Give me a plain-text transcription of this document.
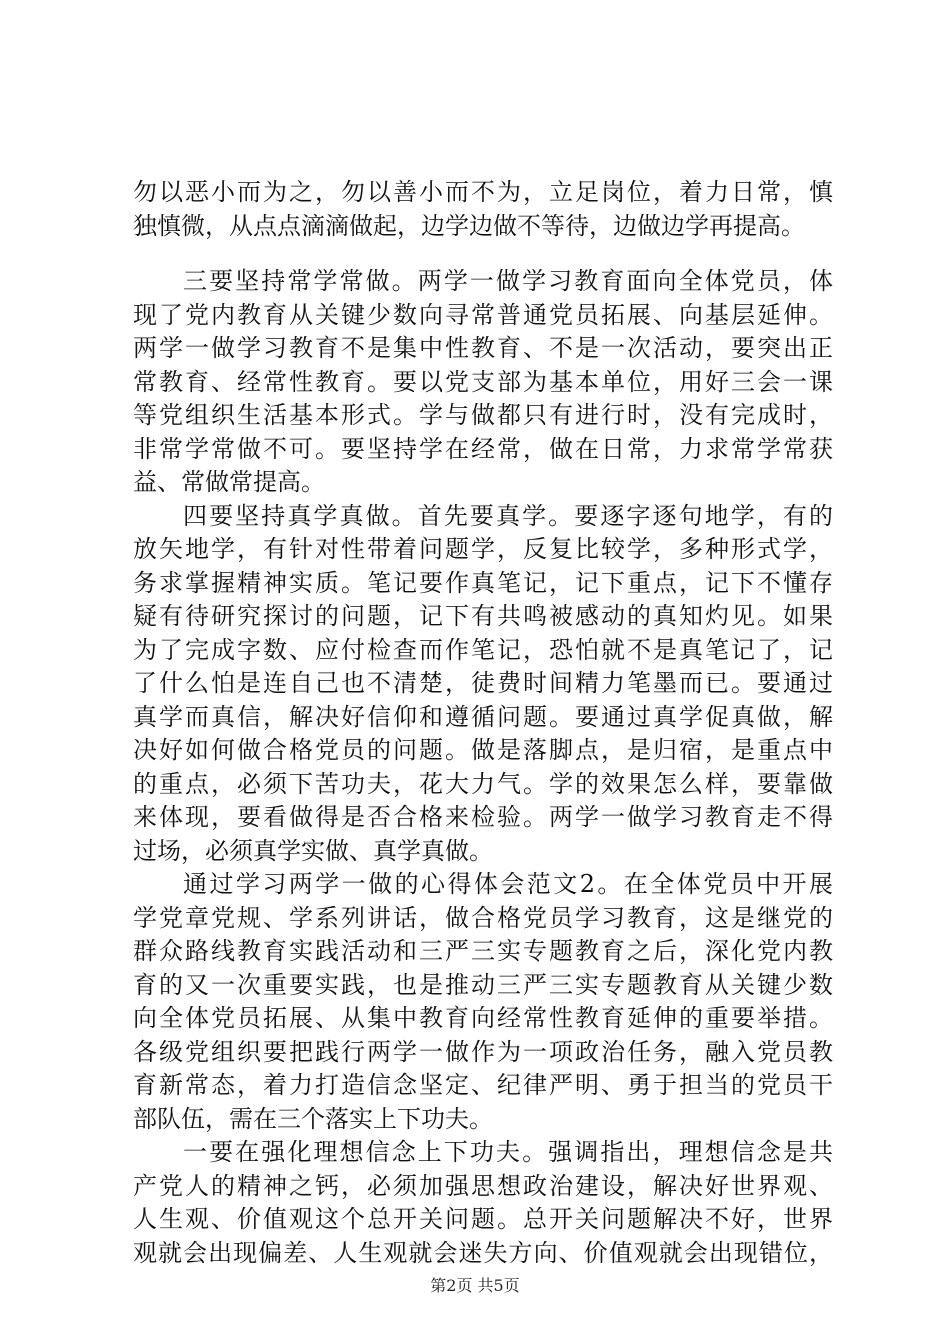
勿以恶小而为之，勿以善小而不为，立足岗位，着力日常，慎
独慎微，从点点滴滴做起，边学边做不等待，边做边学再提高。
三要坚持常学常做。两学一做学习教育面向全体党员，体
现了党内教育从关键少数向寻常普通党员拓展、向基层延伸。
两学一做学习教育不是集中性教育、不是一次活动，要突出正
常教育、经常性教育。要以党支部为基本单位，用好三会一课
等党组织生活基本形式。学与做都只有进行时，没有完成时，
非常学常做不可。要坚持学在经常，做在日常，力求常学常获
益、常做常提高。
四要坚持真学真做。首先要真学。要逐字逐句地学，有的
放矢地学，有针对性带着问题学，反复比较学，多种形式学，
务求掌握精神实质。笔记要作真笔记，记下重点，记下不懂存
疑有待研究探讨的问题，记下有共鸣被感动的真知灼见。如果
为了完成字数、应付检查而作笔记，恐怕就不是真笔记了，记
了什么怕是连自己也不清楚，徒费时间精力笔墨而已。要通过
真学而真信，解决好信仰和遵循问题。要通过真学促真做，解
决好如何做合格党员的问题。做是落脚点，是归宿，是重点中
的重点，必须下苦功夫，花大力气。学的效果怎么样，要靠做
来体现，要看做得是否合格来检验。两学一做学习教育走不得
过场，必须真学实做、真学真做。
通过学习两学一做的心得体会范文2。在全体党员中开展
学党章党规、学系列讲话，做合格党员学习教育，这是继党的
群众路线教育实践活动和三严三实专题教育之后，深化党内教
育的又一次重要实践，也是推动三严三实专题教育从关键少数
向全体党员拓展、从集中教育向经常性教育延伸的重要举措。
各级党组织要把践行两学一做作为一项政治任务，融入党员教
育新常态，着力打造信念坚定、纪律严明、勇于担当的党员干
部队伍，需在三个落实上下功夫。
一要在强化理想信念上下功夫。强调指出，理想信念是共
产党人的精神之钙，必须加强思想政治建设，解决好世界观、
人生观、价值观这个总开关问题。总开关问题解决不好，世界
观就会出现偏差、人生观就会迷失方向、价值观就会出现错位，
第2页 共5页
